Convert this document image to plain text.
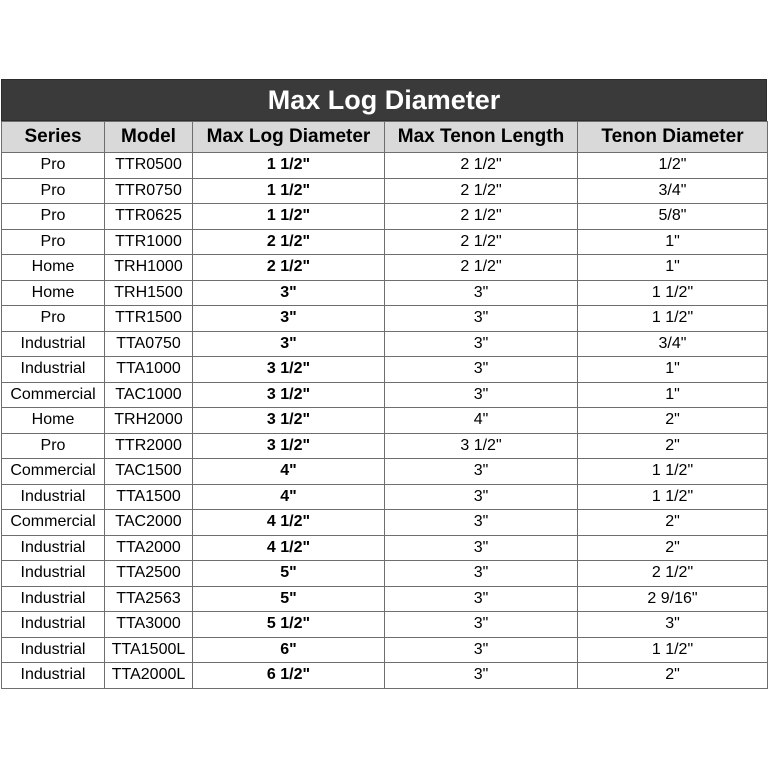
Max Log Diameter
Series	Model	Max Log Diameter	Max Tenon Length	Tenon Diameter
Pro	TTR0500	1 1/2"	2 1/2"	1/2"
Pro	TTR0750	1 1/2"	2 1/2"	3/4"
Pro	TTR0625	1 1/2"	2 1/2"	5/8"
Pro	TTR1000	2 1/2"	2 1/2"	1"
Home	TRH1000	2 1/2"	2 1/2"	1"
Home	TRH1500	3"	3"	1 1/2"
Pro	TTR1500	3"	3"	1 1/2"
Industrial	TTA0750	3"	3"	3/4"
Industrial	TTA1000	3 1/2"	3"	1"
Commercial	TAC1000	3 1/2"	3"	1"
Home	TRH2000	3 1/2"	4"	2"
Pro	TTR2000	3 1/2"	3 1/2"	2"
Commercial	TAC1500	4"	3"	1 1/2"
Industrial	TTA1500	4"	3"	1 1/2"
Commercial	TAC2000	4 1/2"	3"	2"
Industrial	TTA2000	4 1/2"	3"	2"
Industrial	TTA2500	5"	3"	2 1/2"
Industrial	TTA2563	5"	3"	2 9/16"
Industrial	TTA3000	5 1/2"	3"	3"
Industrial	TTA1500L	6"	3"	1 1/2"
Industrial	TTA2000L	6 1/2"	3"	2"
